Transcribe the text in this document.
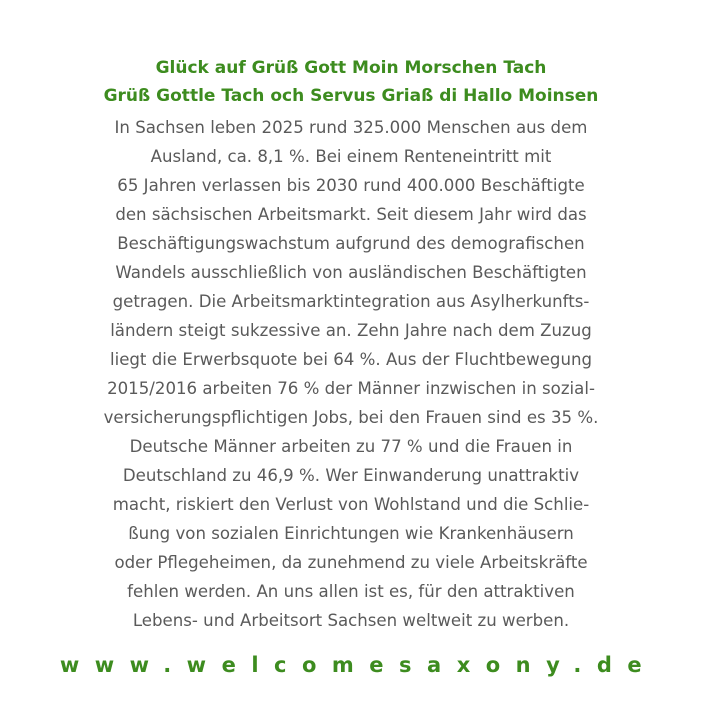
Glück auf Grüß Gott Moin Morschen Tach
Grüß Gottle Tach och Servus Griaß di Hallo Moinsen
In Sachsen leben 2025 rund 325.000 Menschen aus dem
Ausland, ca. 8,1 %. Bei einem Renteneintritt mit
65 Jahren verlassen bis 2030 rund 400.000 Beschäftigte
den sächsischen Arbeitsmarkt. Seit diesem Jahr wird das
Beschäftigungswachstum aufgrund des demografischen
Wandels ausschließlich von ausländischen Beschäftigten
getragen. Die Arbeitsmarktintegration aus Asylherkunfts-
ländern steigt sukzessive an. Zehn Jahre nach dem Zuzug
liegt die Erwerbsquote bei 64 %. Aus der Fluchtbewegung
2015/2016 arbeiten 76 % der Männer inzwischen in sozial-
versicherungspflichtigen Jobs, bei den Frauen sind es 35 %.
Deutsche Männer arbeiten zu 77 % und die Frauen in
Deutschland zu 46,9 %. Wer Einwanderung unattraktiv
macht, riskiert den Verlust von Wohlstand und die Schlie-
ßung von sozialen Einrichtungen wie Krankenhäusern
oder Pflegeheimen, da zunehmend zu viele Arbeitskräfte
fehlen werden. An uns allen ist es, für den attraktiven
Lebens- und Arbeitsort Sachsen weltweit zu werben.
www.welcomesaxony.de
